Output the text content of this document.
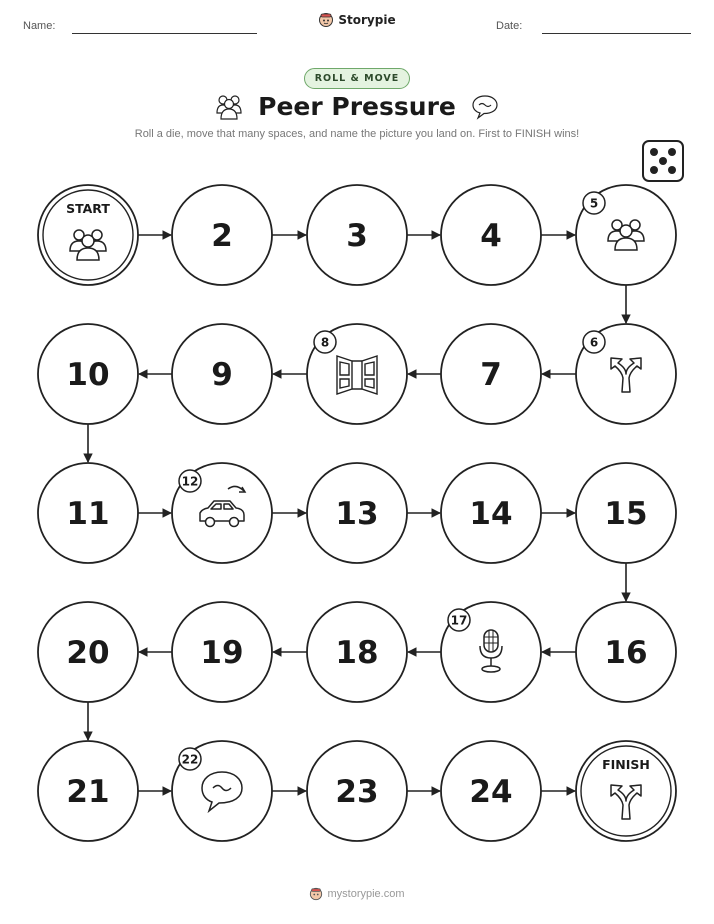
Name:	Date:
Storypie
ROLL & MOVE
Peer Pressure
Roll a die, move that many spaces, and name the picture you land on. First to FINISH wins!
START
2	3	4
5
6
7
8
9
10
11
12
13	14	15
16
17
18
19
20
21
22
23	24
FINISH
mystorypie.com
